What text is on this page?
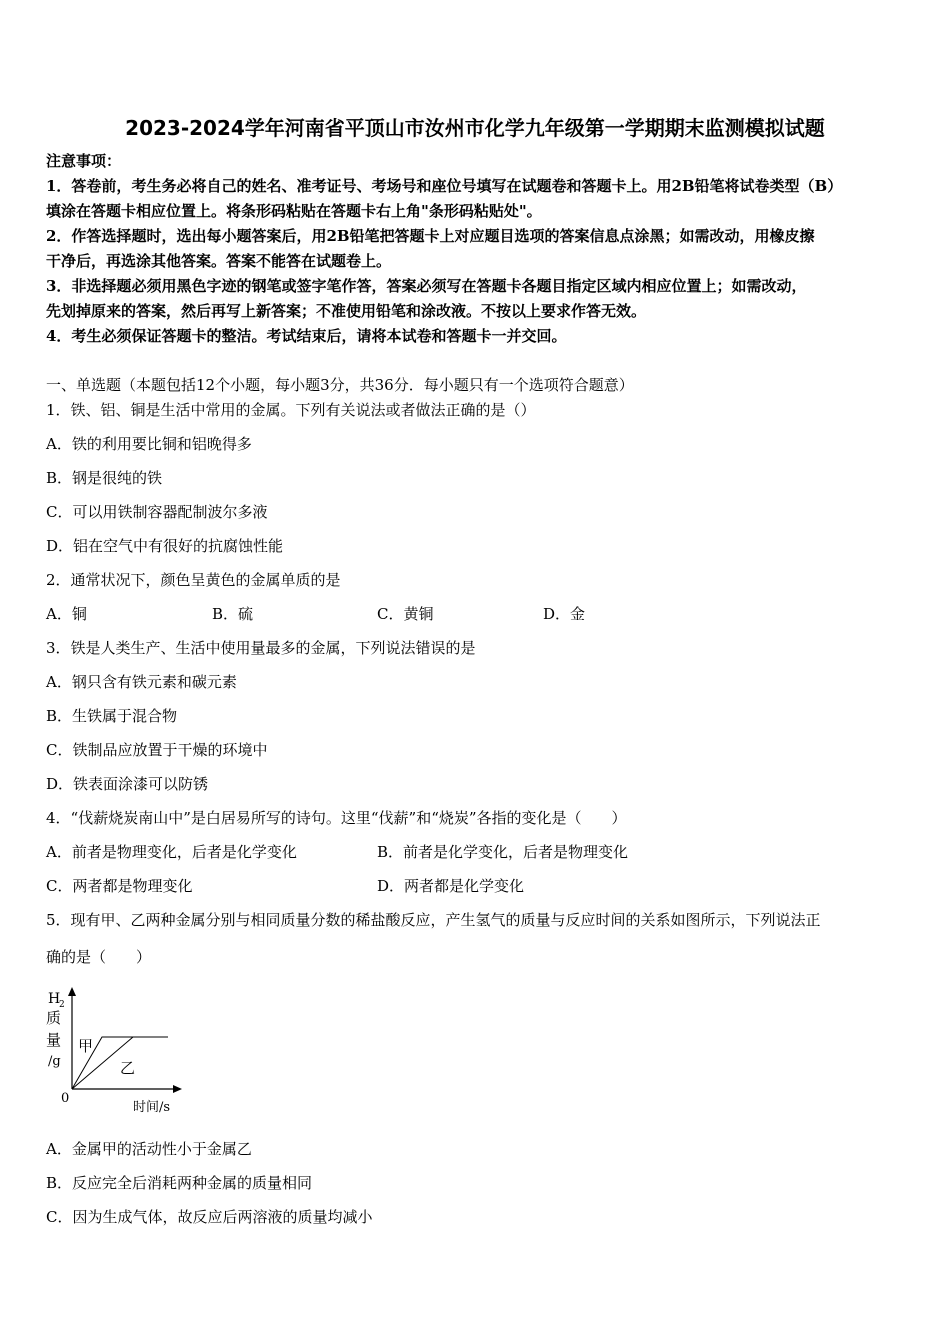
2023-2024学年河南省平顶山市汝州市化学九年级第一学期期末监测模拟试题
注意事项：
1．答卷前，考生务必将自己的姓名、准考证号、考场号和座位号填写在试题卷和答题卡上。用2B铅笔将试卷类型（B）
填涂在答题卡相应位置上。将条形码粘贴在答题卡右上角"条形码粘贴处"。
2．作答选择题时，选出每小题答案后，用2B铅笔把答题卡上对应题目选项的答案信息点涂黑；如需改动，用橡皮擦
干净后，再选涂其他答案。答案不能答在试题卷上。
3．非选择题必须用黑色字迹的钢笔或签字笔作答，答案必须写在答题卡各题目指定区域内相应位置上；如需改动，
先划掉原来的答案，然后再写上新答案；不准使用铅笔和涂改液。不按以上要求作答无效。
4．考生必须保证答题卡的整洁。考试结束后，请将本试卷和答题卡一并交回。
一、单选题（本题包括12个小题，每小题3分，共36分．每小题只有一个选项符合题意）
1．铁、铝、铜是生活中常用的金属。下列有关说法或者做法正确的是（）
A．铁的利用要比铜和铝晚得多
B．钢是很纯的铁
C．可以用铁制容器配制波尔多液
D．铝在空气中有很好的抗腐蚀性能
2．通常状况下，颜色呈黄色的金属单质的是
A．铜	B．硫	C．黄铜	D．金
3．铁是人类生产、生活中使用量最多的金属，下列说法错误的是
A．钢只含有铁元素和碳元素
B．生铁属于混合物
C．铁制品应放置于干燥的环境中
D．铁表面涂漆可以防锈
4．“伐薪烧炭南山中”是白居易所写的诗句。这里“伐薪”和“烧炭”各指的变化是（　　）
A．前者是物理变化，后者是化学变化	B．前者是化学变化，后者是物理变化
C．两者都是物理变化	D．两者都是化学变化
5．现有甲、乙两种金属分别与相同质量分数的稀盐酸反应，产生氢气的质量与反应时间的关系如图所示，下列说法正
确的是（　　）
H
2
质
量
/g
0
时间/s
甲
乙
A．金属甲的活动性小于金属乙
B．反应完全后消耗两种金属的质量相同
C．因为生成气体，故反应后两溶液的质量均减小
